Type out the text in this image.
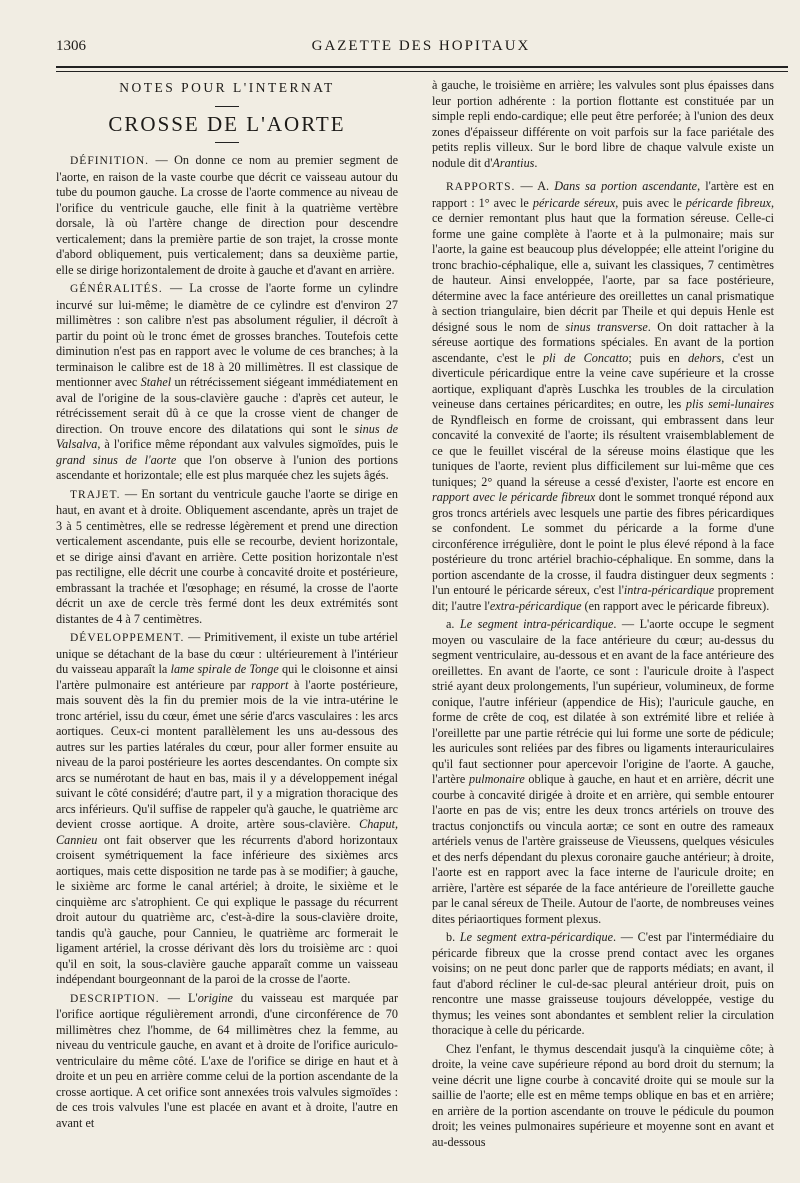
1306	GAZETTE DES HOPITAUX

NOTES POUR L'INTERNAT

CROSSE DE L'AORTE

DÉFINITION. — On donne ce nom au premier segment de l'aorte, en raison de la vaste courbe que décrit ce vaisseau autour du tube du poumon gauche. La crosse de l'aorte commence au niveau de l'orifice du ventricule gauche, elle finit à la quatrième vertèbre dorsale, là où l'artère change de direction pour descendre verticalement; dans la première partie de son trajet, la crosse monte d'abord obliquement, puis verticalement; dans sa deuxième partie, elle se dirige horizontalement de droite à gauche et d'avant en arrière.

GÉNÉRALITÉS. — La crosse de l'aorte forme un cylindre incurvé sur lui-même; le diamètre de ce cylindre est d'environ 27 millimètres : son calibre n'est pas absolument régulier, il décroît à partir du point où le tronc émet de grosses branches. Toutefois cette diminution n'est pas en rapport avec le volume de ces branches; à la terminaison le calibre est de 18 à 20 millimètres. Il est classique de mentionner avec Stahel un rétrécissement siégeant immédiatement en aval de l'origine de la sous-clavière gauche : d'après cet auteur, le rétrécissement serait dû à ce que la crosse vient de changer de direction. On trouve encore des dilatations qui sont le sinus de Valsalva, à l'orifice même répondant aux valvules sigmoïdes, puis le grand sinus de l'aorte que l'on observe à l'union des portions ascendante et horizontale; elle est plus marquée chez les sujets âgés.

TRAJET. — En sortant du ventricule gauche l'aorte se dirige en haut, en avant et à droite. Obliquement ascendante, après un trajet de 3 à 5 centimètres, elle se redresse légèrement et prend une direction verticalement ascendante, puis elle se recourbe, devient horizontale, et se dirige ainsi d'avant en arrière. Cette position horizontale n'est pas rectiligne, elle décrit une courbe à concavité droite et postérieure, embrassant la trachée et l'œsophage; en résumé, la crosse de l'aorte décrit un axe de cercle très fermé dont les deux extrémités sont distantes de 4 à 7 centimètres.

DÉVELOPPEMENT. — Primitivement, il existe un tube artériel unique se détachant de la base du cœur : ultérieurement à l'intérieur du vaisseau apparaît la lame spirale de Tonge qui le cloisonne et ainsi l'artère pulmonaire est antérieure par rapport à l'aorte postérieure, mais souvent dès la fin du premier mois de la vie intra-utérine le tronc artériel, issu du cœur, émet une série d'arcs vasculaires : les arcs aortiques. Ceux-ci montent parallèlement les uns au-dessous des autres sur les parties latérales du cœur, pour aller former ensuite au niveau de la paroi postérieure les aortes descendantes. On compte six arcs se numérotant de haut en bas, mais il y a développement inégal suivant le côté considéré; d'autre part, il y a migration thoracique des arcs inférieurs. Qu'il suffise de rappeler qu'à gauche, le quatrième arc devient crosse aortique. A droite, artère sous-clavière. Chaput, Cannieu ont fait observer que les récurrents d'abord horizontaux croisent symétriquement la face inférieure des sixièmes arcs aortiques, mais cette disposition ne tarde pas à se modifier; à gauche, le sixième arc forme le canal artériel; à droite, le sixième et le cinquième arc s'atrophient. Ce qui explique le passage du récurrent droit autour du quatrième arc, c'est-à-dire la sous-clavière droite, tandis qu'à gauche, pour Cannieu, le quatrième arc formerait le ligament artériel, la crosse dérivant dès lors du troisième arc : quoi qu'il en soit, la sous-clavière gauche apparaît comme un vaisseau indépendant bourgeonnant de la paroi de la crosse de l'aorte.

DESCRIPTION. — L'origine du vaisseau est marquée par l'orifice aortique régulièrement arrondi, d'une circonférence de 70 millimètres chez l'homme, de 64 millimètres chez la femme, au niveau du ventricule gauche, en avant et à droite de l'orifice auriculo-ventriculaire du même côté. L'axe de l'orifice se dirige en haut et à droite et un peu en arrière comme celui de la portion ascendante de la crosse aortique. A cet orifice sont annexées trois valvules sigmoïdes : de ces trois valvules l'une est placée en avant et à droite, l'autre en avant et

à gauche, le troisième en arrière; les valvules sont plus épaisses dans leur portion adhérente : la portion flottante est constituée par un simple repli endo-cardique; elle peut être perforée; à l'union des deux zones d'épaisseur différente on voit parfois sur la face pariétale des petits replis villeux. Sur le bord libre de chaque valvule existe un nodule dit d'Arantius.

RAPPORTS. — A. Dans sa portion ascendante, l'artère est en rapport : 1° avec le péricarde séreux, puis avec le péricarde fibreux, ce dernier remontant plus haut que la formation séreuse. Celle-ci forme une gaine complète à l'aorte et à la pulmonaire; mais sur l'aorte, la gaine est beaucoup plus développée; elle atteint l'origine du tronc brachio-céphalique, elle a, suivant les classiques, 7 centimètres de hauteur. Ainsi enveloppée, l'aorte, par sa face postérieure, détermine avec la face antérieure des oreillettes un canal prismatique à section triangulaire, bien décrit par Theile et qui depuis Henle est désigné sous le nom de sinus transverse. On doit rattacher à la séreuse aortique des formations spéciales. En avant de la portion ascendante, c'est le pli de Concatto; puis en dehors, c'est un diverticule péricardique entre la veine cave supérieure et la crosse aortique, expliquant d'après Luschka les troubles de la circulation veineuse dans certaines péricardites; en outre, les plis semi-lunaires de Ryndfleisch en forme de croissant, qui embrassent dans leur concavité la convexité de l'aorte; ils résultent vraisemblablement de ce que le feuillet viscéral de la séreuse moins élastique que les tuniques de l'aorte, revient plus difficilement sur lui-même que ces tuniques; 2° quand la séreuse a cessé d'exister, l'aorte est encore en rapport avec le péricarde fibreux dont le sommet tronqué répond aux gros troncs artériels avec lesquels une partie des fibres péricardiques se confondent. Le sommet du péricarde a la forme d'une circonférence irrégulière, dont le point le plus élevé répond à la face postérieure du tronc artériel brachio-céphalique. En somme, dans la portion ascendante de la crosse, il faudra distinguer deux segments : l'un entouré le péricarde séreux, c'est l'intra-péricardique proprement dit; l'autre l'extra-péricardique (en rapport avec le péricarde fibreux).

a. Le segment intra-péricardique. — L'aorte occupe le segment moyen ou vasculaire de la face antérieure du cœur; au-dessus du segment ventriculaire, au-dessous et en avant de la face antérieure des oreillettes. En avant de l'aorte, ce sont : l'auricule droite à l'aspect strié ayant deux prolongements, l'un supérieur, volumineux, de forme conique, l'autre inférieur (appendice de His); l'auricule gauche, en forme de crête de coq, est dilatée à son extrémité libre et reliée à l'oreillette par une partie rétrécie qui lui forme une sorte de pédicule; les auricules sont reliées par des fibres ou ligaments interauriculaires qu'il faut sectionner pour apercevoir l'origine de l'aorte. A gauche, l'artère pulmonaire oblique à gauche, en haut et en arrière, décrit une courbe à concavité dirigée à droite et en arrière, qui semble entourer l'aorte en pas de vis; entre les deux troncs artériels on trouve des tractus conjonctifs ou vincula aortæ; ce sont en outre des rameaux artériels venus de l'artère graisseuse de Vieussens, quelques vésicules et des nerfs dépendant du plexus coronaire gauche antérieur; à droite, l'aorte est en rapport avec la face interne de l'auricule droite; en arrière, l'artère est séparée de la face antérieure de l'oreillette gauche par le canal séreux de Theile. Autour de l'aorte, de nombreuses veines dites périaortiques forment plexus.

b. Le segment extra-péricardique. — C'est par l'intermédiaire du péricarde fibreux que la crosse prend contact avec les organes voisins; on ne peut donc parler que de rapports médiats; en avant, il faut d'abord récliner le cul-de-sac pleural antérieur droit, puis on rencontre une masse graisseuse toujours développée, vestige du thymus; les veines sont abondantes et semblent relier la circulation thoracique à celle du péricarde.

Chez l'enfant, le thymus descendait jusqu'à la cinquième côte; à droite, la veine cave supérieure répond au bord droit du sternum; la veine décrit une ligne courbe à concavité droite qui se moule sur la saillie de l'aorte; elle est en même temps oblique en bas et en arrière; en arrière de la portion ascendante on trouve le pédicule du poumon droit; les veines pulmonaires supérieure et moyenne sont en avant et au-dessous
